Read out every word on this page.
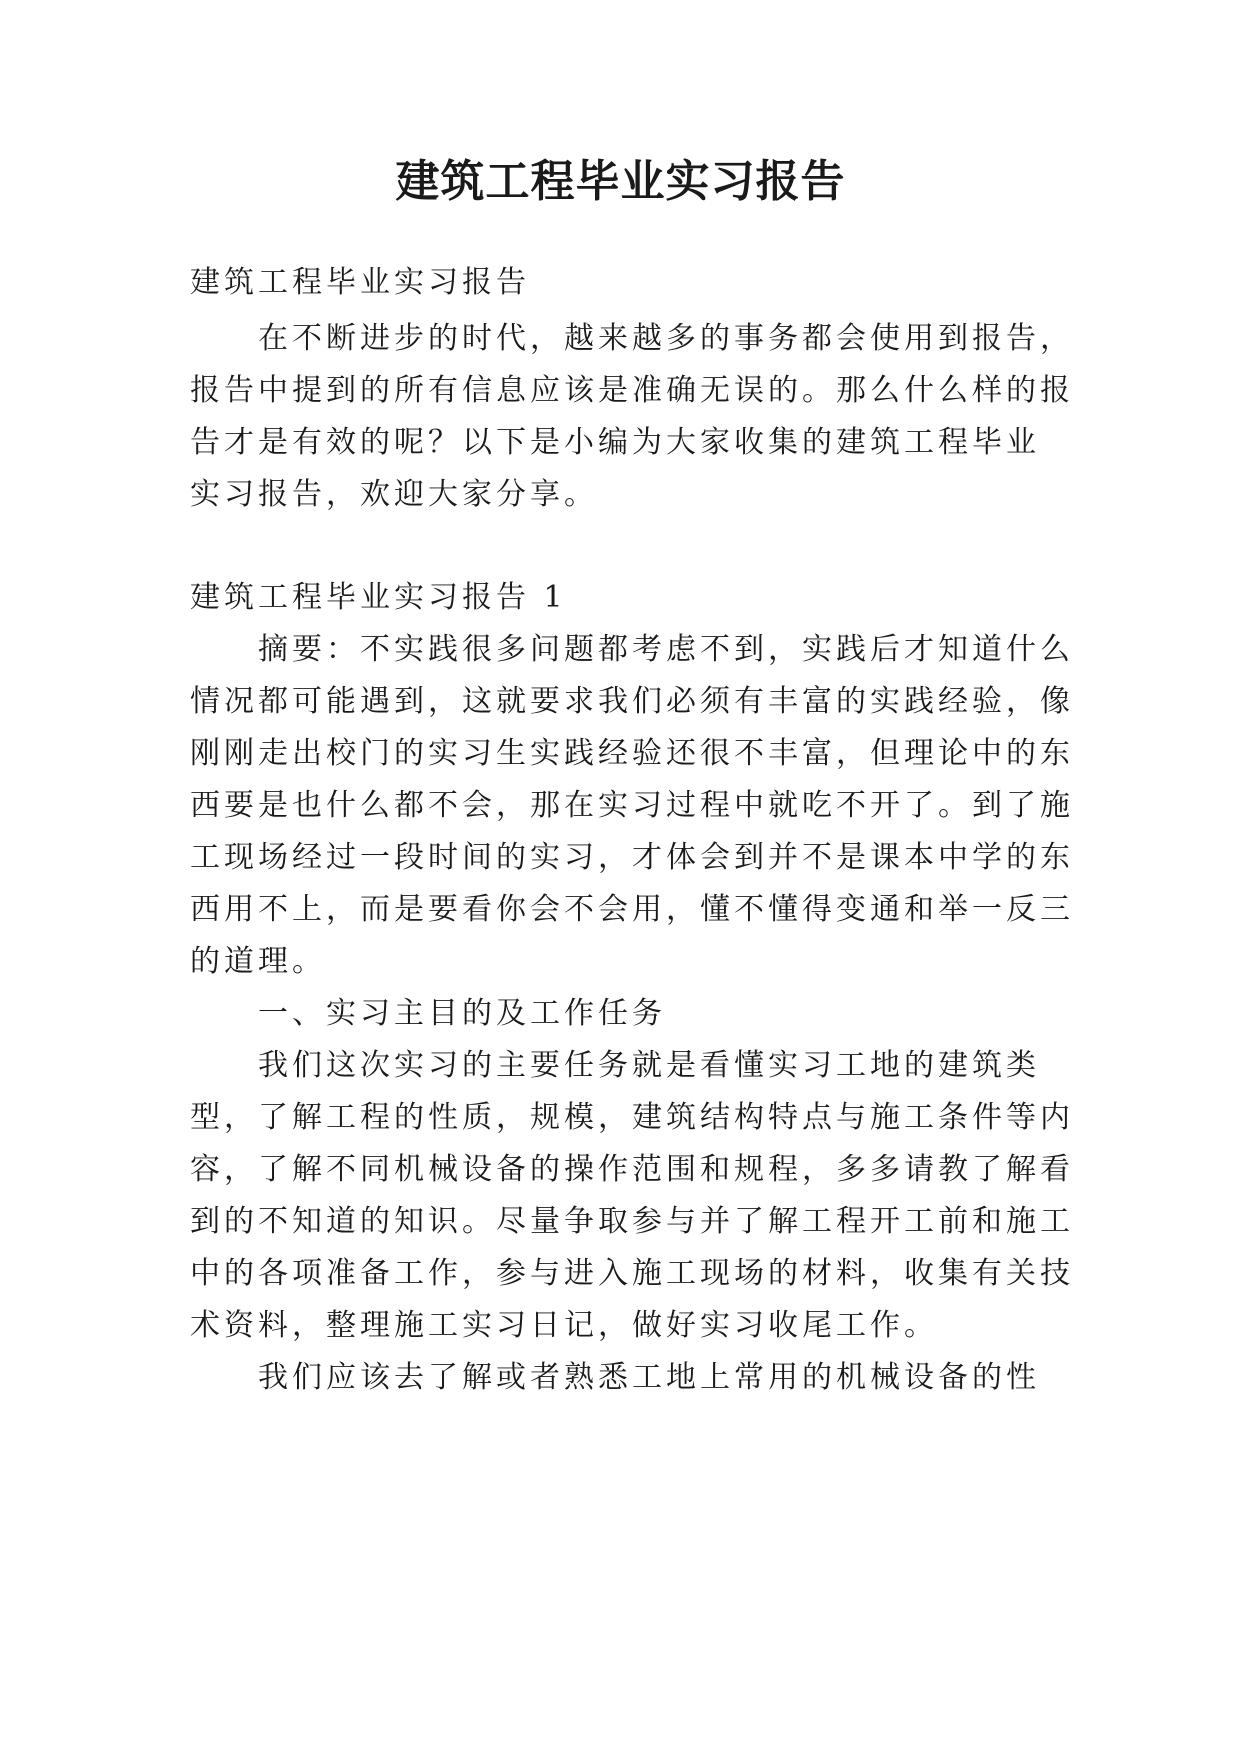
建筑工程毕业实习报告
建筑工程毕业实习报告
在不断进步的时代，越来越多的事务都会使用到报告，
报告中提到的所有信息应该是准确无误的。那么什么样的报
告才是有效的呢？以下是小编为大家收集的建筑工程毕业
实习报告，欢迎大家分享。
建筑工程毕业实习报告 1
摘要：不实践很多问题都考虑不到，实践后才知道什么
情况都可能遇到，这就要求我们必须有丰富的实践经验，像
刚刚走出校门的实习生实践经验还很不丰富，但理论中的东
西要是也什么都不会，那在实习过程中就吃不开了。到了施
工现场经过一段时间的实习，才体会到并不是课本中学的东
西用不上，而是要看你会不会用，懂不懂得变通和举一反三
的道理。
一、实习主目的及工作任务
我们这次实习的主要任务就是看懂实习工地的建筑类
型，了解工程的性质，规模，建筑结构特点与施工条件等内
容，了解不同机械设备的操作范围和规程，多多请教了解看
到的不知道的知识。尽量争取参与并了解工程开工前和施工
中的各项准备工作，参与进入施工现场的材料，收集有关技
术资料，整理施工实习日记，做好实习收尾工作。
我们应该去了解或者熟悉工地上常用的机械设备的性
